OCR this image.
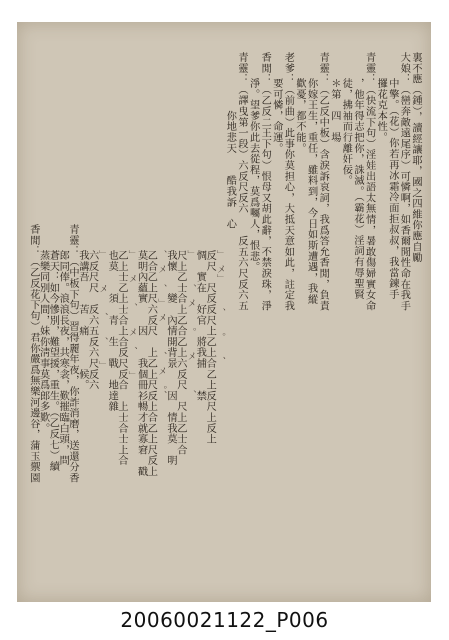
裏不應（鍾），讀經讓耶，國之四維你應自勵
大娘：（巒奔敵遠尾序）可憐啊，如香爾閒性命在我手
中擎。（花）你若再冰霜冷面拒叔叔，我當鍊手
攞花克本性。
青靈：（快流下句）淫娃出語太無情，暑敢傷婦實女命
，他年得志把你，誅滅。（霸花）淫詞有辱聖賢
徒，拂袖而行離奸佞。
＊第　四　場
青靈：（乙反中板）含淚訴哀詞，我爲答允香閒，負責
你嫁王生，重任，雖料到，今日如斯遭遇，我縱
歡憂，都不能。
老爹：（前曲）此事你莫担心，大抵天意如此，註定我
要可憐，命運。
香閒：（乙反二王下句）恨母又胡此辭，不禁淚珠，淨
淨。望爹你此去從程，莫爲囑人，恨悲。
青靈：（譯曳第一段）六反尺反六　　反五六尺反六五
　　　你地悲天　　酷我訴　心
」　メ」　　　、　　。　　、
反尺　尺反反尺上乙上合乙上反尺上反上
惆　實在　好官　將我捕　　禁
」　　　、　メ　　。　　メ　　　、
尺上乙士合上乙合乙上六反尺　尺上乙士合
我懷　　變　內情開背景　　因　情我莫　明
、　メ　、　」　メ　　　、　メ　。、
乙合乙上尺六反尺　上乙上尺反上合乙上尺反上
莫明內蘊實　　因　　我個冊衫暢才就寡窘　戳
」　　メ　　、　　メ　、　　」
乙上士乙上士合上合反尺反合　上士合士上合
也莫　　須　青　生　戰　地達雜
」　　　メ　　、　　、　　」
六反尺尺　反六五反六尺反六
我講吾　　苦　痛　　　候。
青靈：（中板下句）習得麗年夜，你詐消磨，送還分香
郎同俸。浪浪長夜，共寒衾，歎摧臨白頭，問
蒼天：如今慘別，難望援，重生。（乙反七）續
蒸樂同別人間，妹你淸事莫爲郎多歎。
香閒：（乙反花下句）君你嚴爲無樂河邊谷，蒲玉禦園

20060021122_P006
